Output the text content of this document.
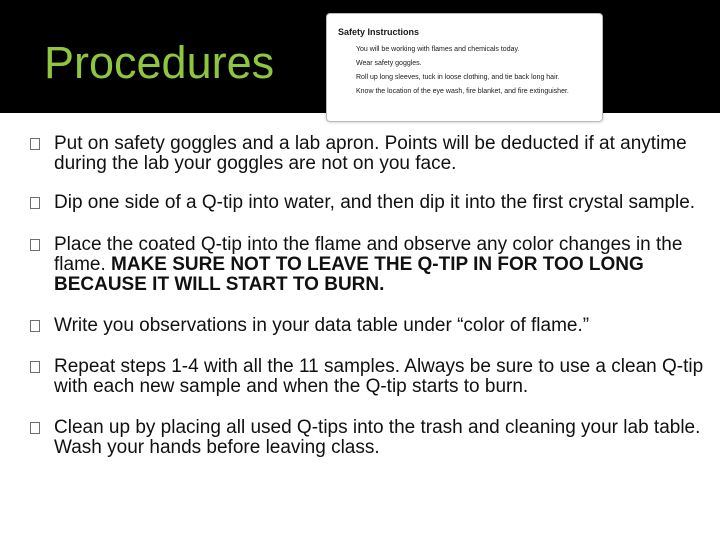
Procedures
Safety Instructions
You will be working with flames and chemicals today.
Wear safety goggles.
Roll up long sleeves, tuck in loose clothing, and tie back long hair.
Know the location of the eye wash, fire blanket, and fire extinguisher.
Put on safety goggles and a lab apron. Points will be deducted if at anytime during the lab your goggles are not on you face.
Dip one side of a Q-tip into water, and then dip it into the first crystal sample.
Place the coated Q-tip into the flame and observe any color changes in the flame. MAKE SURE NOT TO LEAVE THE Q-TIP IN FOR TOO LONG BECAUSE IT WILL START TO BURN.
Write you observations in your data table under “color of flame.”
Repeat steps 1-4 with all the 11 samples. Always be sure to use a clean Q-tip with each new sample and when the Q-tip starts to burn.
Clean up by placing all used Q-tips into the trash and cleaning your lab table. Wash your hands before leaving class.
